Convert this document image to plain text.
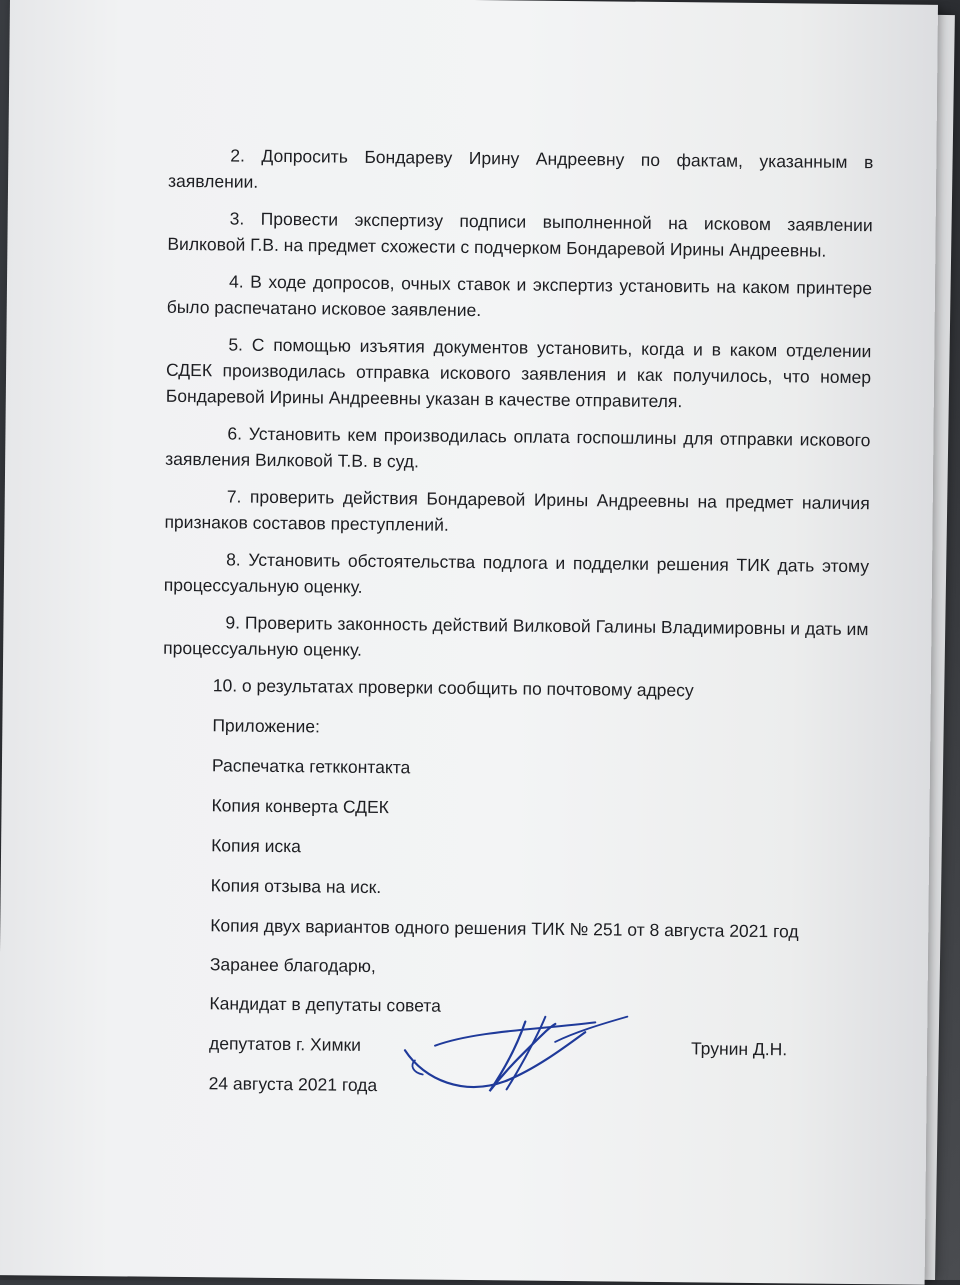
2. Допросить Бондареву Ирину Андреевну по фактам, указанным в заявлении.

3. Провести экспертизу подписи выполненной на исковом заявлении Вилковой Г.В. на предмет схожести с подчерком Бондаревой Ирины Андреевны.

4. В ходе допросов, очных ставок и экспертиз установить на каком принтере было распечатано исковое заявление.

5. С помощью изъятия документов установить, когда и в каком отделении СДЕК производилась отправка искового заявления и как получилось, что номер Бондаревой Ирины Андреевны указан в качестве отправителя.

6. Установить кем производилась оплата госпошлины для отправки искового заявления Вилковой Т.В. в суд.

7. проверить действия Бондаревой Ирины Андреевны на предмет наличия признаков составов преступлений.

8. Установить обстоятельства подлога и подделки решения ТИК дать этому процессуальную оценку.

9. Проверить законность действий Вилковой Галины Владимировны и дать им процессуальную оценку.

10. о результатах проверки сообщить по почтовому адресу
Приложение:
Распечатка геткконтакта
Копия конверта СДЕК
Копия иска
Копия отзыва на иск.
Копия двух вариантов одного решения ТИК № 251 от 8 августа 2021 год
Заранее благодарю,
Кандидат в депутаты совета
депутатов г. Химки
24 августа 2021 года
Трунин Д.Н.
